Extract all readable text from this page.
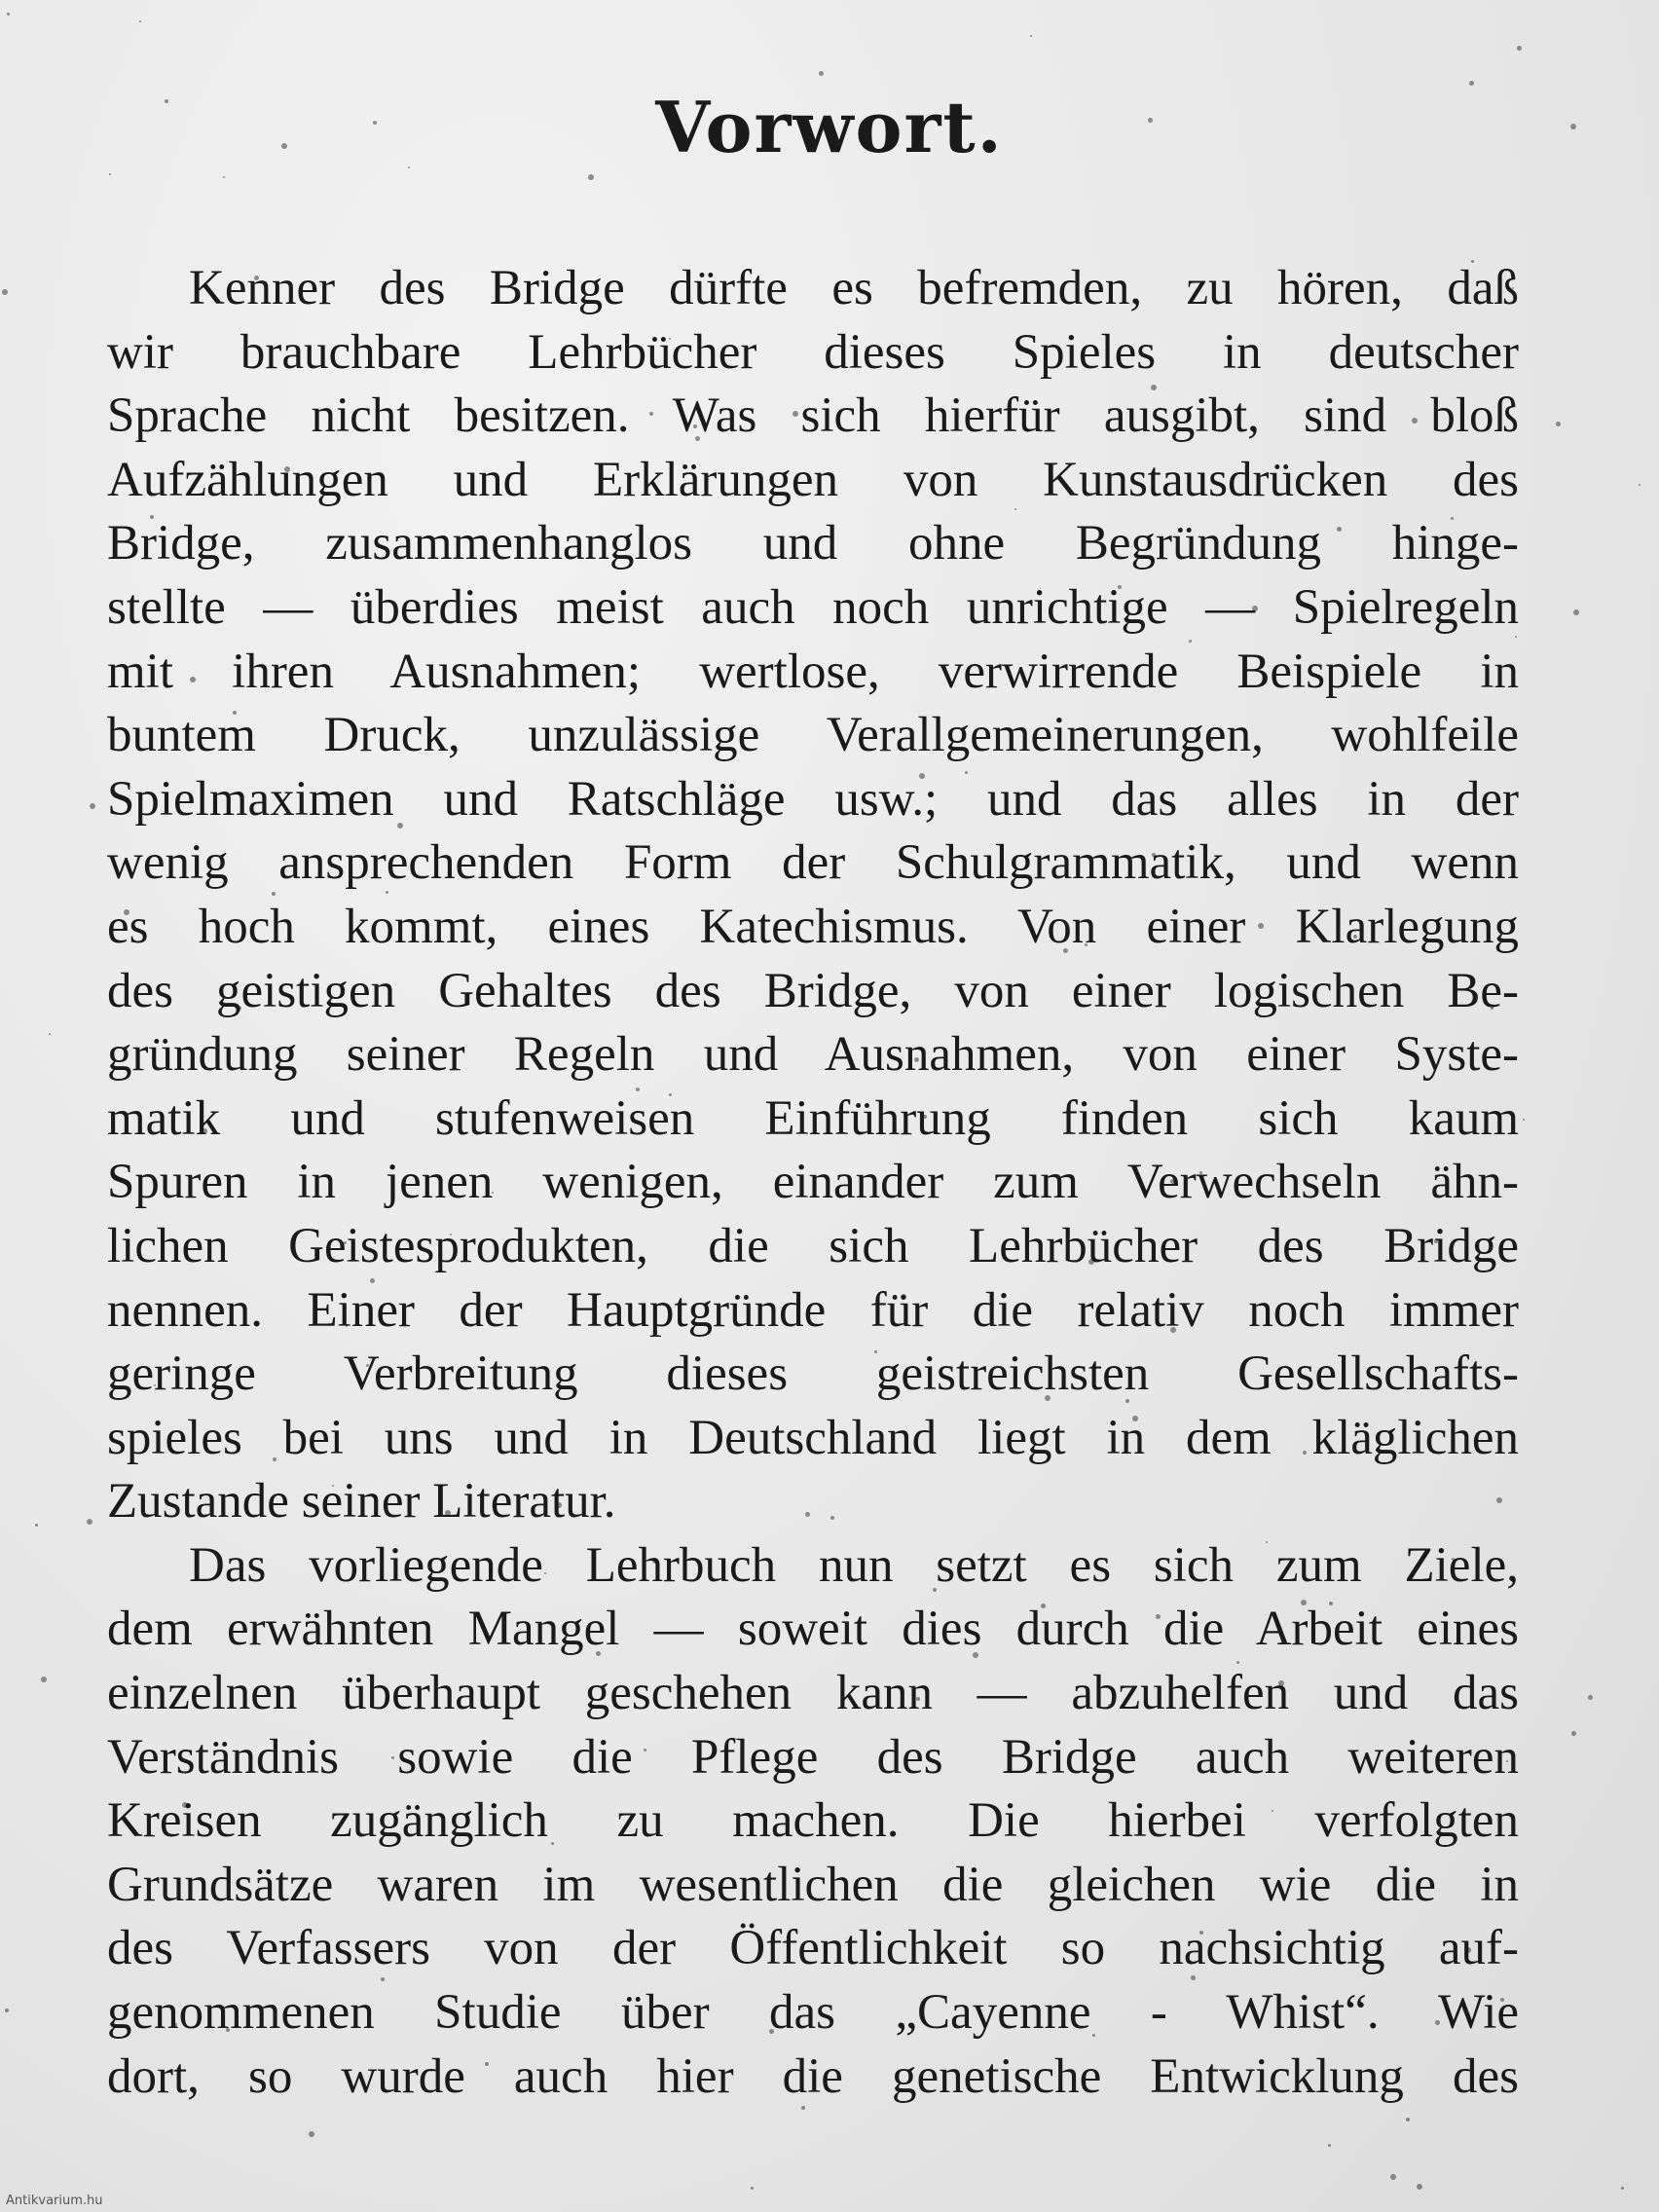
Vorwort.
Kenner des Bridge dürfte es befremden, zu hören, daß
wir brauchbare Lehrbücher dieses Spieles in deutscher
Sprache nicht besitzen. Was sich hierfür ausgibt, sind bloß
Aufzählungen und Erklärungen von Kunstausdrücken des
Bridge, zusammenhanglos und ohne Begründung hinge-
stellte — überdies meist auch noch unrichtige — Spielregeln
mit ihren Ausnahmen; wertlose, verwirrende Beispiele in
buntem Druck, unzulässige Verallgemeinerungen, wohlfeile
Spielmaximen und Ratschläge usw.; und das alles in der
wenig ansprechenden Form der Schulgrammatik, und wenn
es hoch kommt, eines Katechismus. Von einer Klarlegung
des geistigen Gehaltes des Bridge, von einer logischen Be-
gründung seiner Regeln und Ausnahmen, von einer Syste-
matik und stufenweisen Einführung finden sich kaum
Spuren in jenen wenigen, einander zum Verwechseln ähn-
lichen Geistesprodukten, die sich Lehrbücher des Bridge
nennen. Einer der Hauptgründe für die relativ noch immer
geringe Verbreitung dieses geistreichsten Gesellschafts-
spieles bei uns und in Deutschland liegt in dem kläglichen
Zustande seiner Literatur.
Das vorliegende Lehrbuch nun setzt es sich zum Ziele,
dem erwähnten Mangel — soweit dies durch die Arbeit eines
einzelnen überhaupt geschehen kann — abzuhelfen und das
Verständnis sowie die Pflege des Bridge auch weiteren
Kreisen zugänglich zu machen. Die hierbei verfolgten
Grundsätze waren im wesentlichen die gleichen wie die in
des Verfassers von der Öffentlichkeit so nachsichtig auf-
genommenen Studie über das „Cayenne - Whist“. Wie
dort, so wurde auch hier die genetische Entwicklung des
Antikvarium.hu
